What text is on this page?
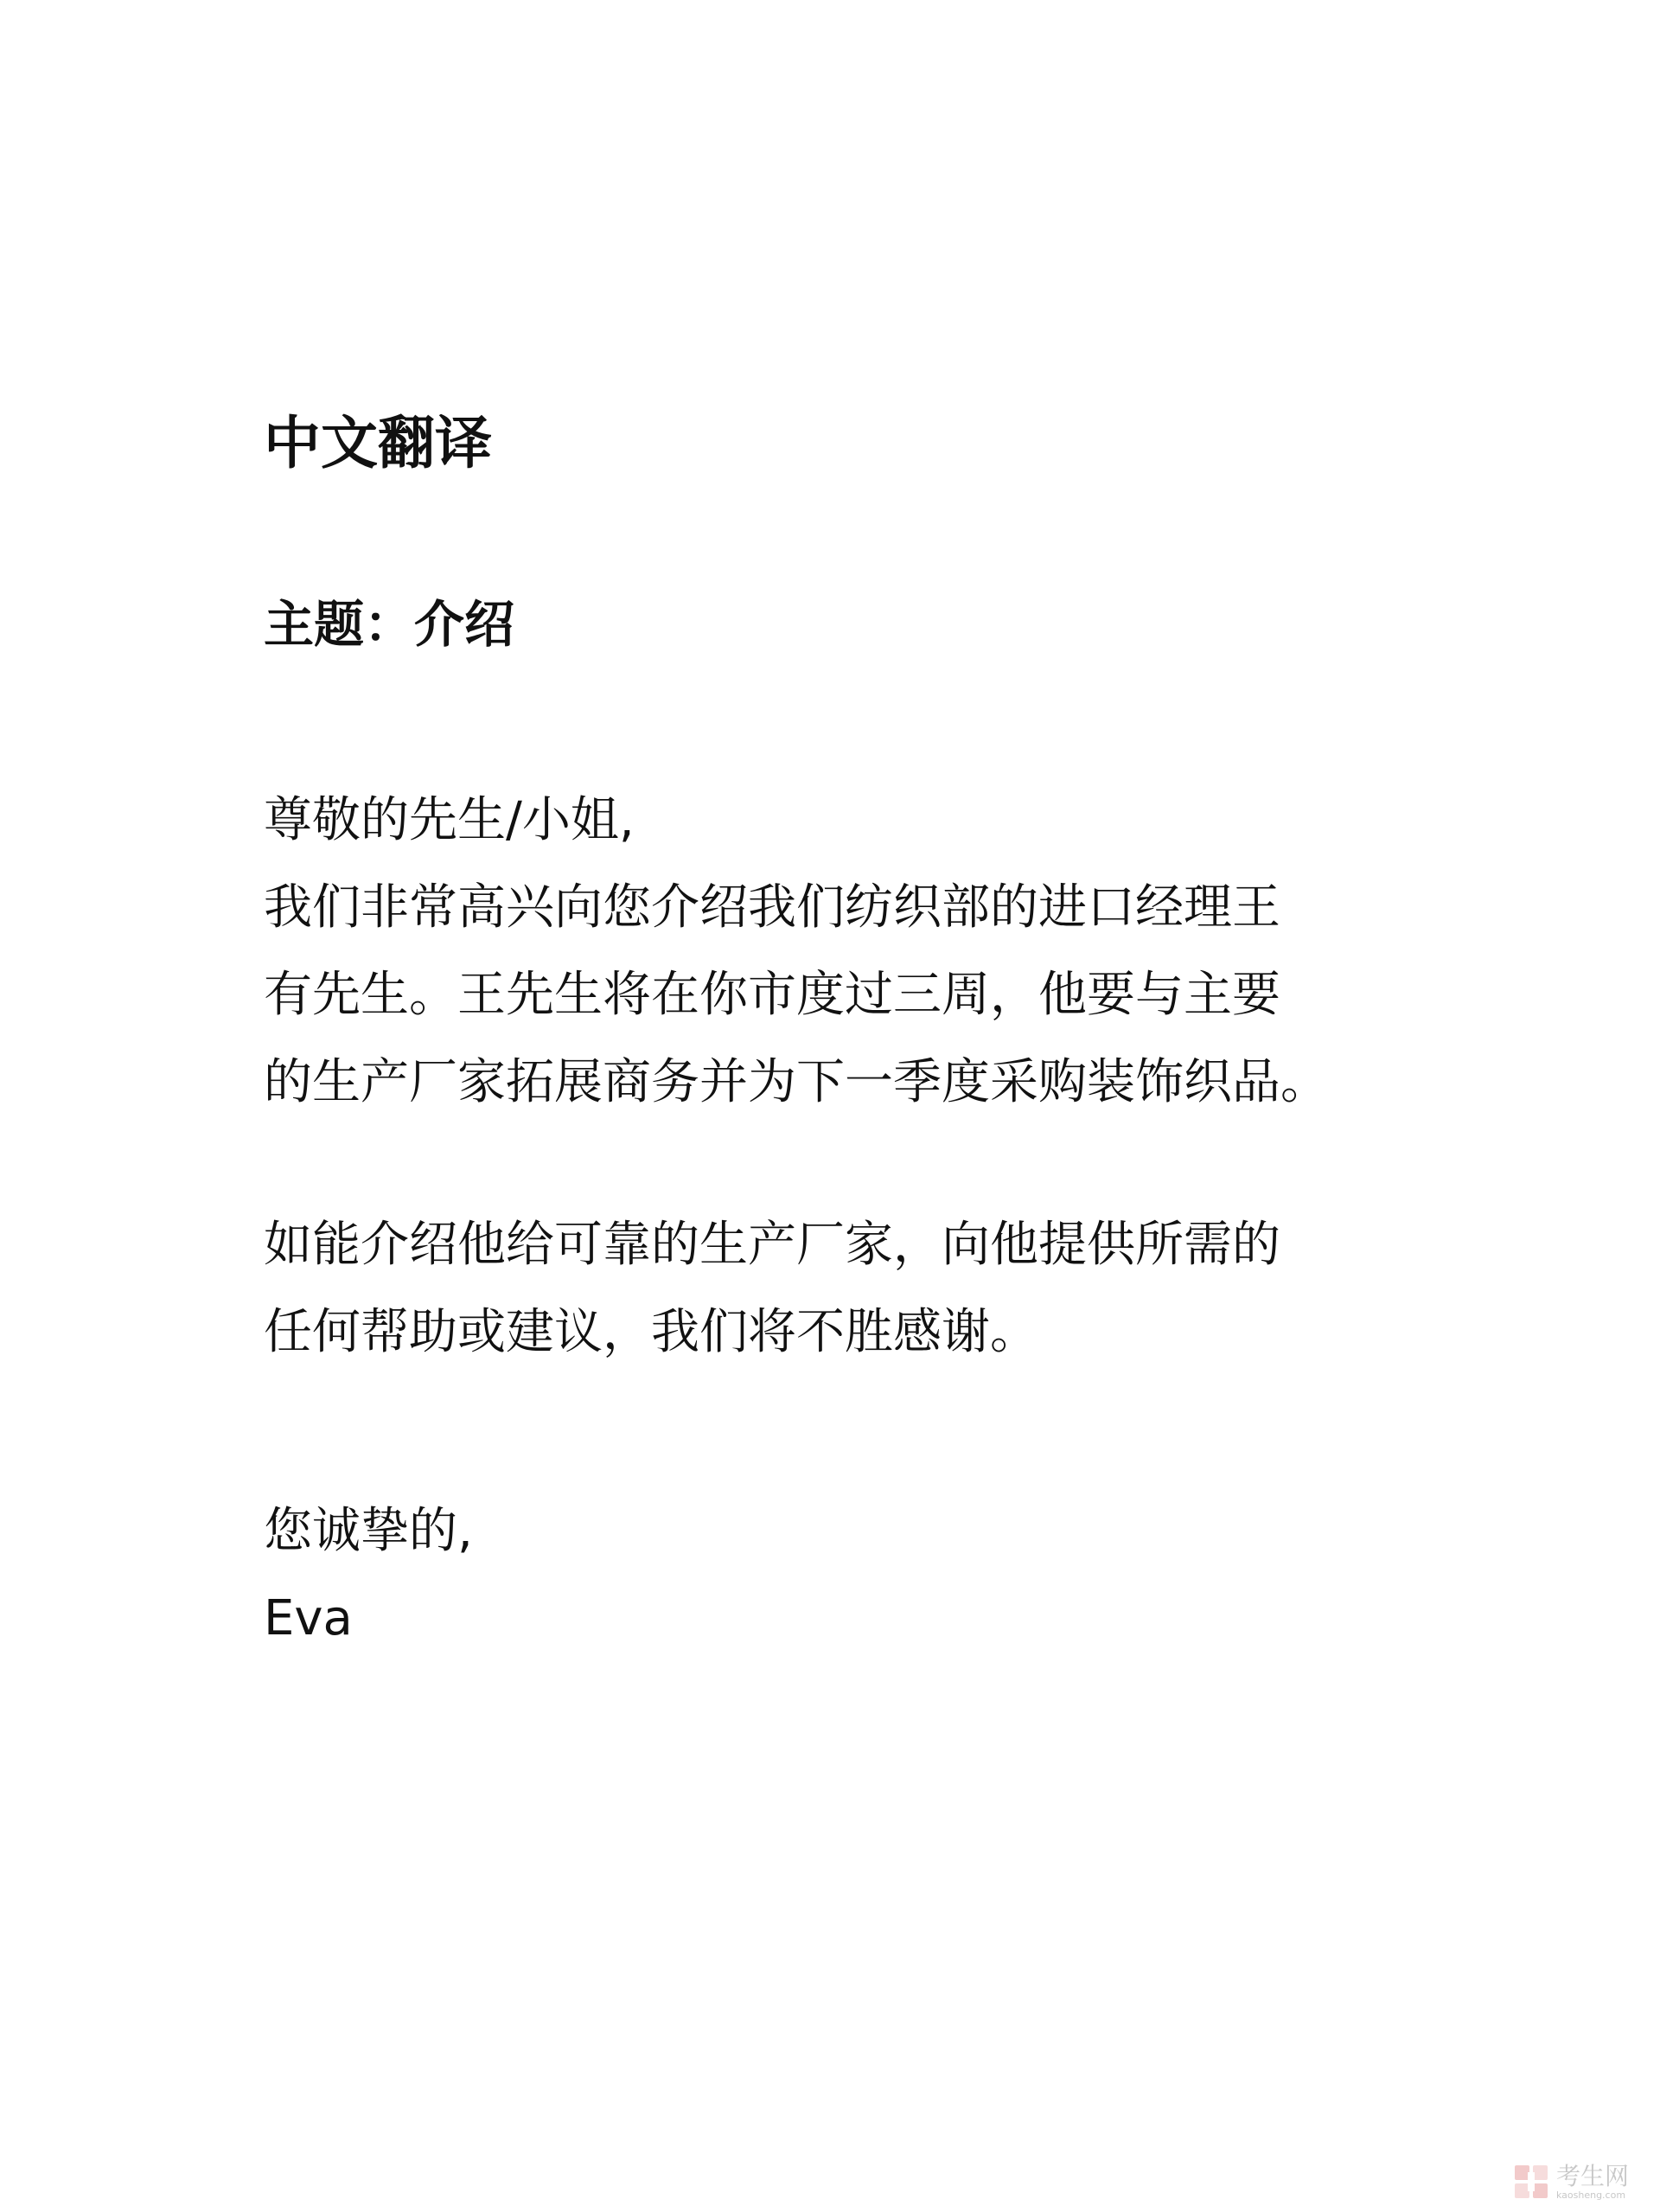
中文翻译
主题：介绍
尊敬的先生/小姐,
我们非常高兴向您介绍我们纺织部的进口经理王
有先生。王先生将在你市度过三周，他要与主要
的生产厂家拓展商务并为下一季度采购装饰织品。
如能介绍他给可靠的生产厂家，向他提供所需的
任何帮助或建议，我们将不胜感谢。
您诚挚的,
Eva
考生网
kaosheng.com
